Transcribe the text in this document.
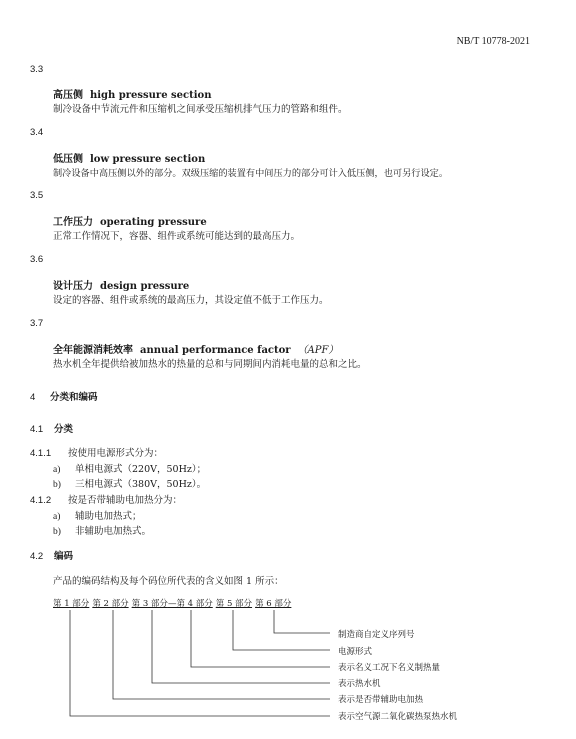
NB/T 10778-2021
3.3
高压侧 high pressure section
制冷设备中节流元件和压缩机之间承受压缩机排气压力的管路和组件。
3.4
低压侧 low pressure section
制冷设备中高压侧以外的部分。双级压缩的装置有中间压力的部分可计入低压侧，也可另行设定。
3.5
工作压力 operating pressure
正常工作情况下，容器、组件或系统可能达到的最高压力。
3.6
设计压力 design pressure
设定的容器、组件或系统的最高压力，其设定值不低于工作压力。
3.7
全年能源消耗效率 annual performance factor （APF）
热水机全年提供给被加热水的热量的总和与同期间内消耗电量的总和之比。
4 分类和编码
4.1 分类
4.1.1 按使用电源形式分为：
a) 单相电源式（220V，50Hz）；
b) 三相电源式（380V，50Hz）。
4.1.2 按是否带辅助电加热分为：
a) 辅助电加热式；
b) 非辅助电加热式。
4.2 编码
产品的编码结构及每个码位所代表的含义如图 1 所示：
第 1 部分 第 2 部分 第 3 部分—第 4 部分 第 5 部分 第 6 部分
制造商自定义序列号
电源形式
表示名义工况下名义制热量
表示热水机
表示是否带辅助电加热
表示空气源二氧化碳热泵热水机
